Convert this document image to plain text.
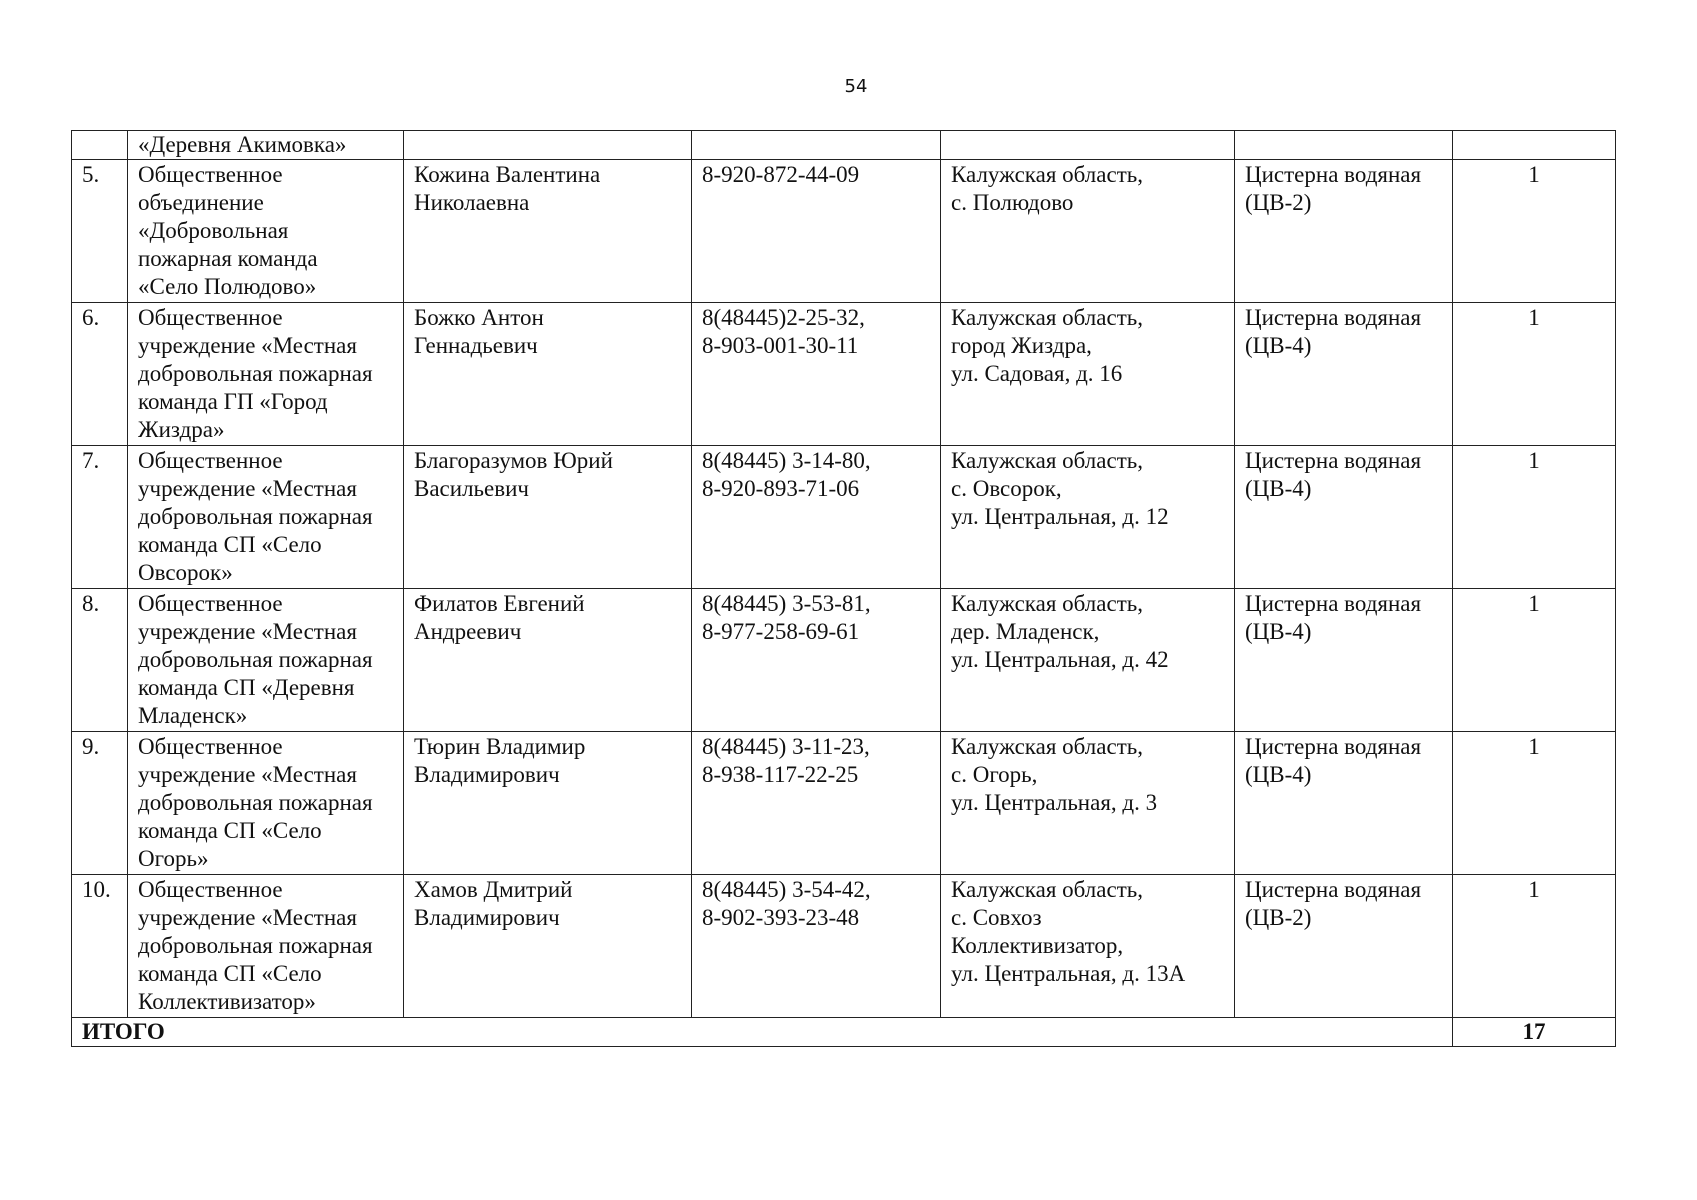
54
	«Деревня Акимовка»					
5.	Общественное
объединение
«Добровольная
пожарная команда
«Село Полюдово»	Кожина Валентина
Николаевна	8-920-872-44-09	Калужская область,
с. Полюдово	Цистерна водяная
(ЦВ-2)	1
6.	Общественное
учреждение «Местная
добровольная пожарная
команда ГП «Город
Жиздра»	Божко Антон
Геннадьевич	8(48445)2-25-32,
8-903-001-30-11	Калужская область,
город Жиздра,
ул. Садовая, д. 16	Цистерна водяная
(ЦВ-4)	1
7.	Общественное
учреждение «Местная
добровольная пожарная
команда СП «Село
Овсорок»	Благоразумов Юрий
Васильевич	8(48445) 3-14-80,
8-920-893-71-06	Калужская область,
с. Овсорок,
ул. Центральная, д. 12	Цистерна водяная
(ЦВ-4)	1
8.	Общественное
учреждение «Местная
добровольная пожарная
команда СП «Деревня
Младенск»	Филатов Евгений
Андреевич	8(48445) 3-53-81,
8-977-258-69-61	Калужская область,
дер. Младенск,
ул. Центральная, д. 42	Цистерна водяная
(ЦВ-4)	1
9.	Общественное
учреждение «Местная
добровольная пожарная
команда СП «Село
Огорь»	Тюрин Владимир
Владимирович	8(48445) 3-11-23,
8-938-117-22-25	Калужская область,
с. Огорь,
ул. Центральная, д. 3	Цистерна водяная
(ЦВ-4)	1
10.	Общественное
учреждение «Местная
добровольная пожарная
команда СП «Село
Коллективизатор»	Хамов Дмитрий
Владимирович	8(48445) 3-54-42,
8-902-393-23-48	Калужская область,
с. Совхоз
Коллективизатор,
ул. Центральная, д. 13А	Цистерна водяная
(ЦВ-2)	1
ИТОГО						17
